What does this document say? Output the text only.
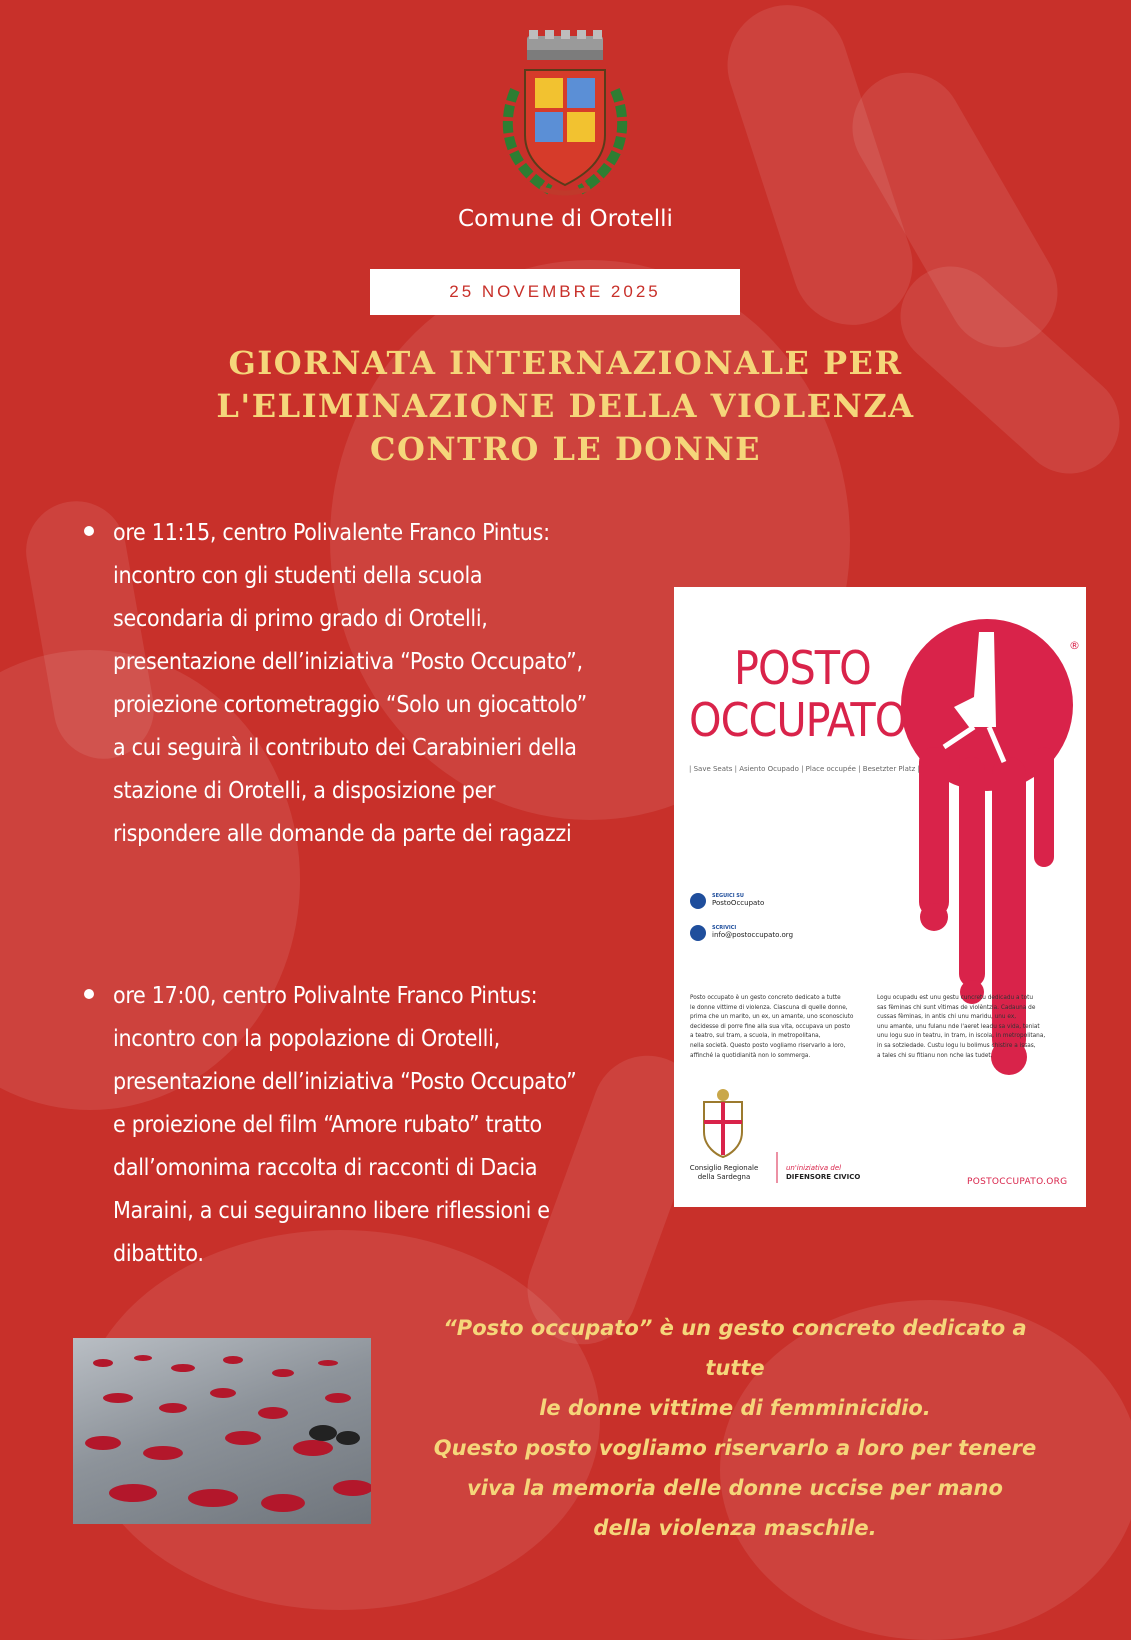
Comune di Orotelli
25 NOVEMBRE 2025
GIORNATA INTERNAZIONALE PER
L'ELIMINAZIONE DELLA VIOLENZA
CONTRO LE DONNE
ore 11:15, centro Polivalente Franco Pintus:
incontro con gli studenti della scuola
secondaria di primo grado di Orotelli,
presentazione dell’iniziativa “Posto Occupato”,
proiezione cortometraggio “Solo un giocattolo”
a cui seguirà il contributo dei Carabinieri della
stazione di Orotelli, a disposizione per
rispondere alle domande da parte dei ragazzi
ore 17:00, centro Polivalnte Franco Pintus:
incontro con la popolazione di Orotelli,
presentazione dell’iniziativa “Posto Occupato”
e proiezione del film “Amore rubato” tratto
dall’omonima raccolta di racconti di Dacia
Maraini, a cui seguiranno libere riflessioni e
dibattito.
POSTO
OCCUPATO
®
| Save Seats | Asiento Ocupado | Place occupée | Besetzter Platz |
SEGUICI SU
PostoOccupato
SCRIVICI
info@postoccupato.org
Posto occupato è un gesto concreto dedicato a tutte
le donne vittime di violenza. Ciascuna di quelle donne,
prima che un marito, un ex, un amante, uno sconosciuto
decidesse di porre fine alla sua vita, occupava un posto
a teatro, sul tram, a scuola, in metropolitana,
nella società. Questo posto vogliamo riservarlo a loro,
affinché la quotidianità non lo sommerga.
Logu ocupadu est unu gestu cuncretu dedicadu a totu
sas fèminas chi sunt vìtimas de violèntzia. Cadauna de
cussas fèminas, in antis chi unu maridu, unu ex,
unu amante, unu fulanu nde l'aeret leadu sa vida, teniat
unu logu suo in teatru, in tram, in iscola, in metropolitana,
in sa sotziedade. Custu logu lu bolimus chistire a issas,
a tales chi su fitianu non nche las tudet.
Consiglio Regionale
della Sardegna
un'iniziativa del
DIFENSORE CIVICO	POSTOCCUPATO.ORG
“Posto occupato” è un gesto concreto dedicato a
tutte
le donne vittime di femminicidio.
Questo posto vogliamo riservarlo a loro per tenere
viva la memoria delle donne uccise per mano
della violenza maschile.
